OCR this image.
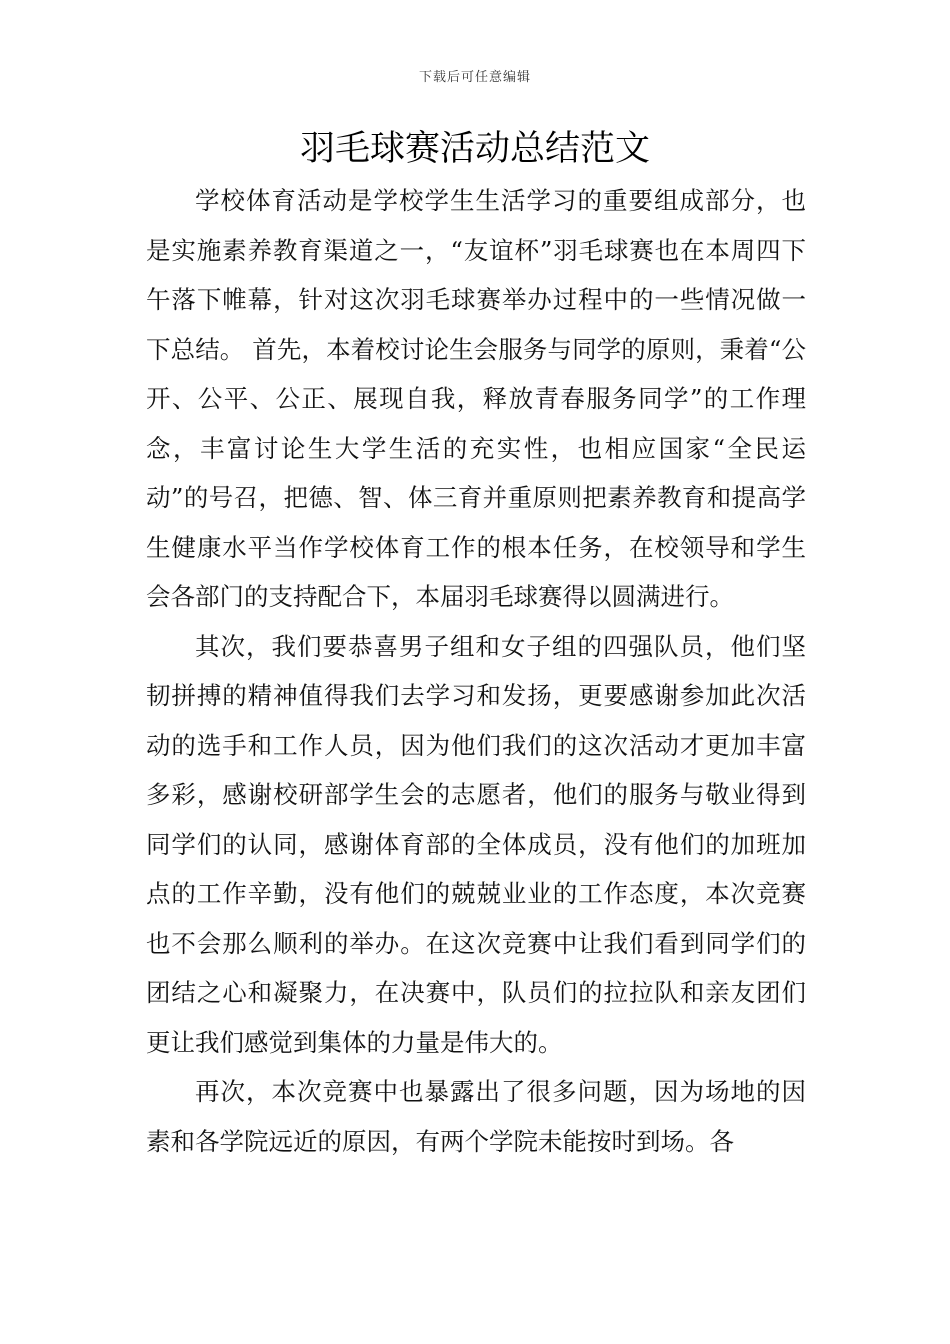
下载后可任意编辑
羽毛球赛活动总结范文

学校体育活动是学校学生生活学习的重要组成部分，也是实施素养教育渠道之一，“友谊杯”羽毛球赛也在本周四下午落下帷幕，针对这次羽毛球赛举办过程中的一些情况做一下总结。 首先，本着校讨论生会服务与同学的原则，秉着“公开、公平、公正、展现自我，释放青春服务同学”的工作理念，丰富讨论生大学生活的充实性，也相应国家“全民运动”的号召，把德、智、体三育并重原则把素养教育和提高学生健康水平当作学校体育工作的根本任务，在校领导和学生会各部门的支持配合下，本届羽毛球赛得以圆满进行。

其次，我们要恭喜男子组和女子组的四强队员，他们坚韧拼搏的精神值得我们去学习和发扬，更要感谢参加此次活动的选手和工作人员，因为他们我们的这次活动才更加丰富多彩，感谢校研部学生会的志愿者，他们的服务与敬业得到同学们的认同，感谢体育部的全体成员，没有他们的加班加点的工作辛勤，没有他们的兢兢业业的工作态度，本次竞赛也不会那么顺利的举办。在这次竞赛中让我们看到同学们的团结之心和凝聚力，在决赛中，队员们的拉拉队和亲友团们更让我们感觉到集体的力量是伟大的。

再次，本次竞赛中也暴露出了很多问题，因为场地的因素和各学院远近的原因，有两个学院未能按时到场。各
